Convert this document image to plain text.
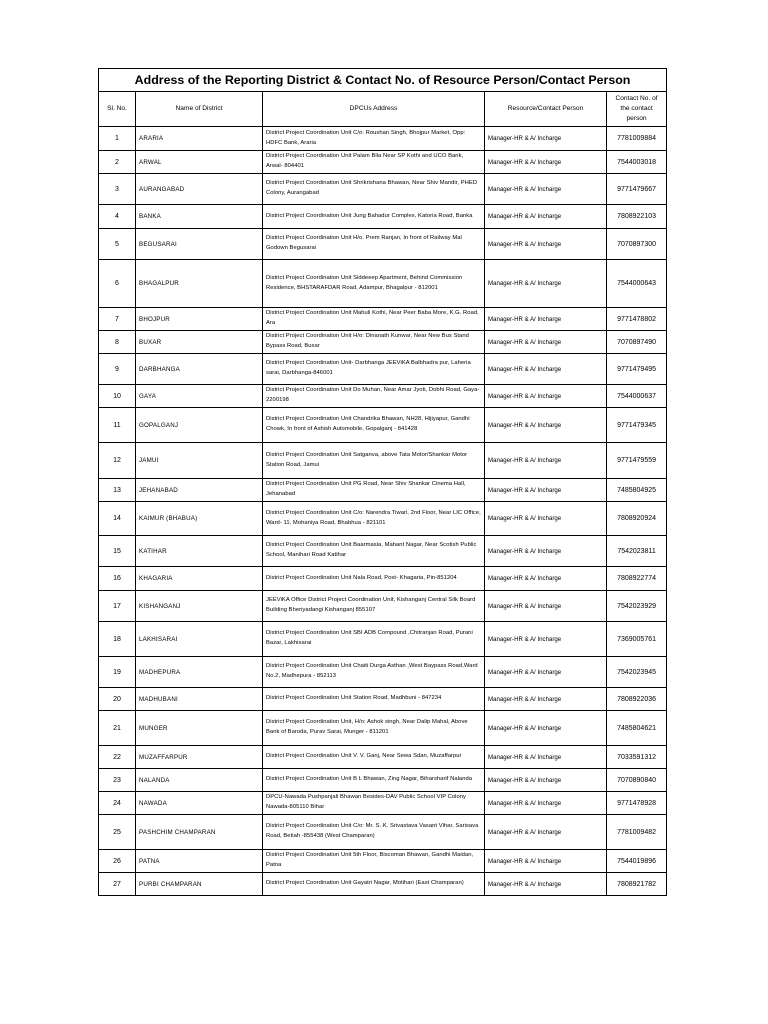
Address of the Reporting District & Contact No. of Resource Person/Contact Person				
Sl. No.	Name of District	DPCUs Address	Resource/Contact Person	Contact No. of the contact person
1	ARARIA	District Project Coordination Unit C/o: Roushan Singh, Bhojpur Market, Opp: HDFC Bank, Araria	Manager-HR & A/ Incharge	7781009884
2	ARWAL	District Project Coordination Unit Palam Bila Near SP Kothi and UCO Bank, Arwal- 804401	Manager-HR & A/ Incharge	7544003018
3	AURANGABAD	District Project Coordination Unit Shrikrishana Bhawan, Near Shiv Mandir, PHED Colony, Aurangabad	Manager-HR & A/ Incharge	9771479667
4	BANKA	District Project Coordination Unit Jung Bahadur Complex, Katoria Road, Banka	Manager-HR & A/ Incharge	7808922103
5	BEGUSARAI	District Project Coordination Unit H/o. Prem Ranjan, In front of Railway Mal Godown Begusarai	Manager-HR & A/ Incharge	7070897300
6	BHAGALPUR	District Project Coordination Unit Siddeeep Apartment, Behind Commission Residence, BHSTARAFDAR Road, Adampur, Bhagalpur - 812001	Manager-HR & A/ Incharge	7544000643
7	BHOJPUR	District Project Coordination Unit Mahuli Kothi, Near Peer Baba More, K.G. Road, Ara	Manager-HR & A/ Incharge	9771478802
8	BUXAR	District Project Coordination Unit H/o: Dinanath Kunwar, Near New Bus Stand Bypass Road, Buxar	Manager-HR & A/ Incharge	7070897490
9	DARBHANGA	District Project Coordination Unit- Darbhanga JEEViKA Balbhadra pur, Laheria sarai, Darbhanga-846001	Manager-HR & A/ Incharge	9771479495
10	GAYA	District Project Coordination Unit Do Muhan, Near Amar Jyoti, Dobhi Road, Gaya- 2200198	Manager-HR & A/ Incharge	7544000637
11	GOPALGANJ	District Project Coordination Unit Chandrika Bhawan, NH28, Hijiyapur, Gandhi Chowk, In front of Ashish Automobile, Gopalganj - 841428	Manager-HR & A/ Incharge	9771479345
12	JAMUI	District Project Coordination Unit Satganva, above Tata Motor/Shankar Motor Station Road, Jamui	Manager-HR & A/ Incharge	9771479559
13	JEHANABAD	District Project Coordination Unit PG Road, Near Shiv Shankar Cinema Hall, Jehanabad	Manager-HR & A/ Incharge	7485804925
14	KAIMUR (BHABUA)	District Project Coordination Unit C/o: Narendra Tiwari, 2nd Floor, Near LIC Office, Ward- 11, Mohaniya Road, Bhabhua - 821101	Manager-HR & A/ Incharge	7808920924
15	KATIHAR	District Project Coordination Unit Baarmasia, Mahant Nagar, Near Scotish Public School, Manihari Road Katihar	Manager-HR & A/ Incharge	7542023811
16	KHAGARIA	District Project Coordination Unit Nala Road, Post- Khagaria, Pin-851204	Manager-HR & A/ Incharge	7808922774
17	KISHANGANJ	JEEViKA Office District Project Coordination Unit, Kishanganj Central Silk Board Building Bheriyadangi Kishanganj 855107	Manager-HR & A/ Incharge	7542023929
18	LAKHISARAI	District Project Coordination Unit SBI ADB Compound ,Chitranjan Road, Purani Bazar, Lakhisarai	Manager-HR & A/ Incharge	7369005761
19	MADHEPURA	District Project Coordination Unit Chaiti Durga Asthan ,West Baypass Road,Ward No.2, Madhepura - 852113	Manager-HR & A/ Incharge	7542023945
20	MADHUBANI	District Project Coordination Unit Station Road, Madhbuni - 847234	Manager-HR & A/ Incharge	7808922036
21	MUNGER	District Project Coordination Unit, H/o: Ashok singh, Near Dalip Mahal, Above Bank of Baroda, Purav Sarai, Munger - 811201	Manager-HR & A/ Incharge	7485804621
22	MUZAFFARPUR	District Project Coordination Unit V. V. Ganj, Near Sewa Sdan, Muzaffarpur	Manager-HR & A/ Incharge	7033591312
23	NALANDA	District Project Coordination Unit B L Bhawan, Zing Nagar, Biharsharif Nalanda	Manager-HR & A/ Incharge	7070890840
24	NAWADA	DPCU-Nawada Pushpanjali Bhawan Besides-DAV Public School VIP Colony Nawada-805110 Bihar	Manager-HR & A/ Incharge	9771478928
25	PASHCHIM CHAMPARAN	District Project Coordination Unit C/o: Mr. S. K. Srivastava Vasant Vihar, Sarisava Road, Betiah -855438 (West Champaran)	Manager-HR & A/ Incharge	7781009482
26	PATNA	District Project Coordination Unit 5th Floor, Biscoman Bhawan, Gandhi Maidan, Patna	Manager-HR & A/ Incharge	7544019896
27	PURBI CHAMPARAN	District Project Coordination Unit Gayatri Nagar, Motihari (East Champaran)	Manager-HR & A/ Incharge	7808921782
